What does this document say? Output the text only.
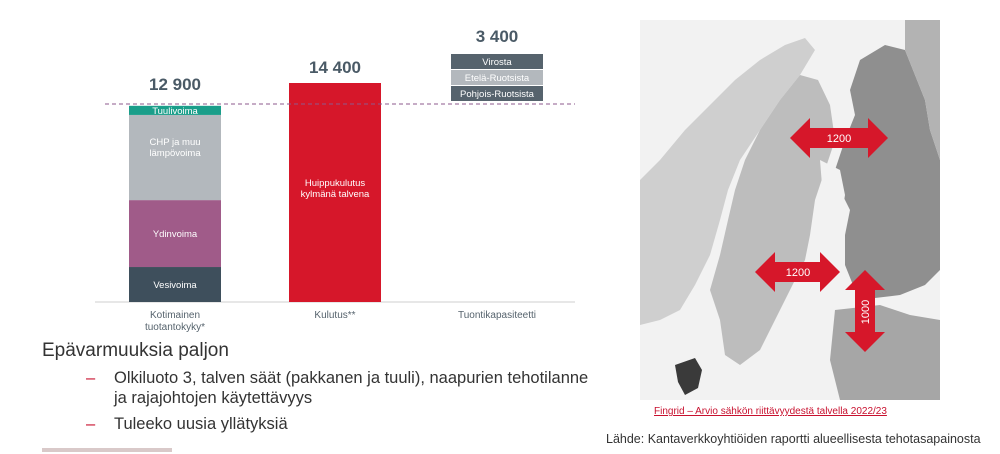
Vesivoima
Ydinvoima
CHP ja muu
lämpövoima
Tuulivoima
Huippukulutus
kylmänä talvena
Pohjois-Ruotsista
Etelä-Ruotsista
Virosta
12 900
14 400
3 400
Kotimainen
tuotantokyky*
Kulutus**	Tuontikapasiteetti
Epävarmuuksia paljon
–	Olkiluoto 3, talven säät (pakkanen ja tuuli), naapurien tehotilanne ja rajajohtojen käytettävyys
–	Tuleeko uusia yllätyksiä
1200
1200
1000
Fingrid – Arvio sähkön riittävyydestä talvella 2022/23
Lähde: Kantaverkkoyhtiöiden raportti alueellisesta tehotasapainosta
